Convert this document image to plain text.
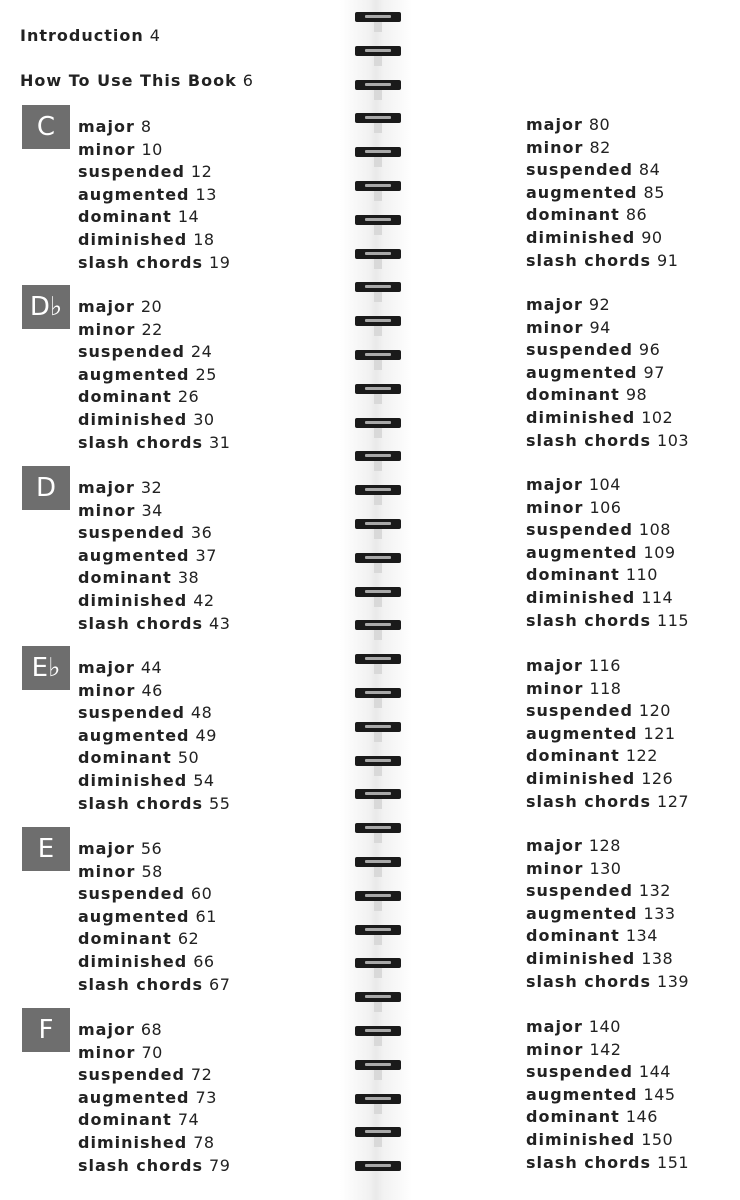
Introduction 4
How To Use This Book 6
C	major 8
minor 10
suspended 12
augmented 13
dominant 14
diminished 18
slash chords 19
D♭ major 20
minor 22
suspended 24
augmented 25
dominant 26
diminished 30
slash chords 31
D	major 32
minor 34
suspended 36
augmented 37
dominant 38
diminished 42
slash chords 43
E♭	major 44
minor 46
suspended 48
augmented 49
dominant 50
diminished 54
slash chords 55
E	major 56
minor 58
suspended 60
augmented 61
dominant 62
diminished 66
slash chords 67
F	major 68
minor 70
suspended 72
augmented 73
dominant 74
diminished 78
slash chords 79
major 80
minor 82
suspended 84
augmented 85
dominant 86
diminished 90
slash chords 91
major 92
minor 94
suspended 96
augmented 97
dominant 98
diminished 102
slash chords 103
major 104
minor 106
suspended 108
augmented 109
dominant 110
diminished 114
slash chords 115
major 116
minor 118
suspended 120
augmented 121
dominant 122
diminished 126
slash chords 127
major 128
minor 130
suspended 132
augmented 133
dominant 134
diminished 138
slash chords 139
major 140
minor 142
suspended 144
augmented 145
dominant 146
diminished 150
slash chords 151
